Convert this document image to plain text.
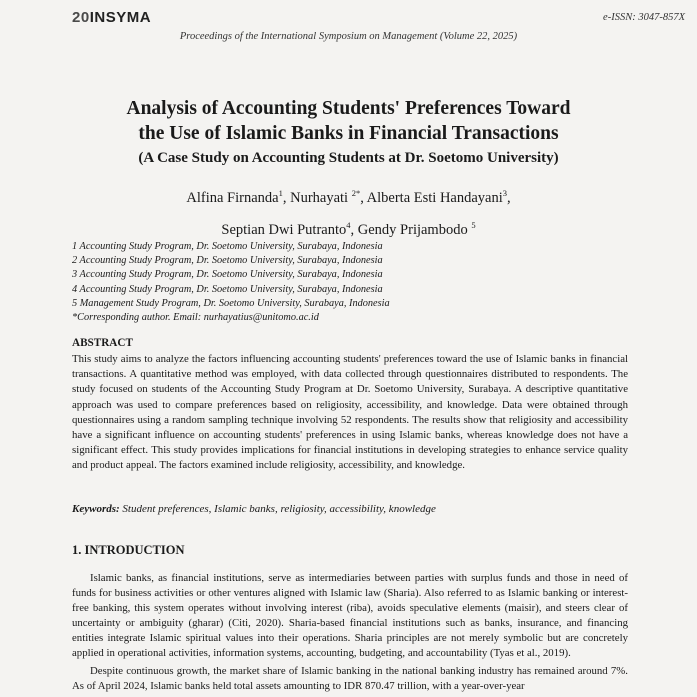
20INSYMA	e-ISSN: 3047-857X
Proceedings of the International Symposium on Management (Volume 22, 2025)
Analysis of Accounting Students' Preferences Toward
the Use of Islamic Banks in Financial Transactions
(A Case Study on Accounting Students at Dr. Soetomo University)
Alfina Firnanda$^1$, Nurhayati $^{2*}$, Alberta Esti Handayani$^3$,
Septian Dwi Putranto$^4$, Gendy Prijambodo $^5$
1 Accounting Study Program, Dr. Soetomo University, Surabaya, Indonesia
2 Accounting Study Program, Dr. Soetomo University, Surabaya, Indonesia
3 Accounting Study Program, Dr. Soetomo University, Surabaya, Indonesia
4 Accounting Study Program, Dr. Soetomo University, Surabaya, Indonesia
5 Management Study Program, Dr. Soetomo University, Surabaya, Indonesia
*Corresponding author. Email: nurhayatius@unitomo.ac.id
ABSTRACT
This study aims to analyze the factors influencing accounting students' preferences toward the use of Islamic banks in financial transactions. A quantitative method was employed, with data collected through questionnaires distributed to respondents. The study focused on students of the Accounting Study Program at Dr. Soetomo University, Surabaya. A descriptive quantitative approach was used to compare preferences based on religiosity, accessibility, and knowledge. Data were obtained through questionnaires using a random sampling technique involving 52 respondents. The results show that religiosity and accessibility have a significant influence on accounting students' preferences in using Islamic banks, whereas knowledge does not have a significant effect. This study provides implications for financial institutions in developing strategies to enhance service quality and product appeal. The factors examined include religiosity, accessibility, and knowledge.
Keywords: Student preferences, Islamic banks, religiosity, accessibility, knowledge
1. INTRODUCTION

Islamic banks, as financial institutions, serve as intermediaries between parties with surplus funds and those in need of funds for business activities or other ventures aligned with Islamic law (Sharia). Also referred to as Islamic banking or interest-free banking, this system operates without involving interest (riba), avoids speculative elements (maisir), and steers clear of uncertainty or ambiguity (gharar) (Citi, 2020). Sharia-based financial institutions such as banks, insurance, and financing entities integrate Islamic spiritual values into their operations. Sharia principles are not merely symbolic but are concretely applied in operational activities, information systems, accounting, budgeting, and accountability (Tyas et al., 2019).

Despite continuous growth, the market share of Islamic banking in the national banking industry has remained around 7%. As of April 2024, Islamic banks held total assets amounting to IDR 870.47 trillion, with a year-over-year
